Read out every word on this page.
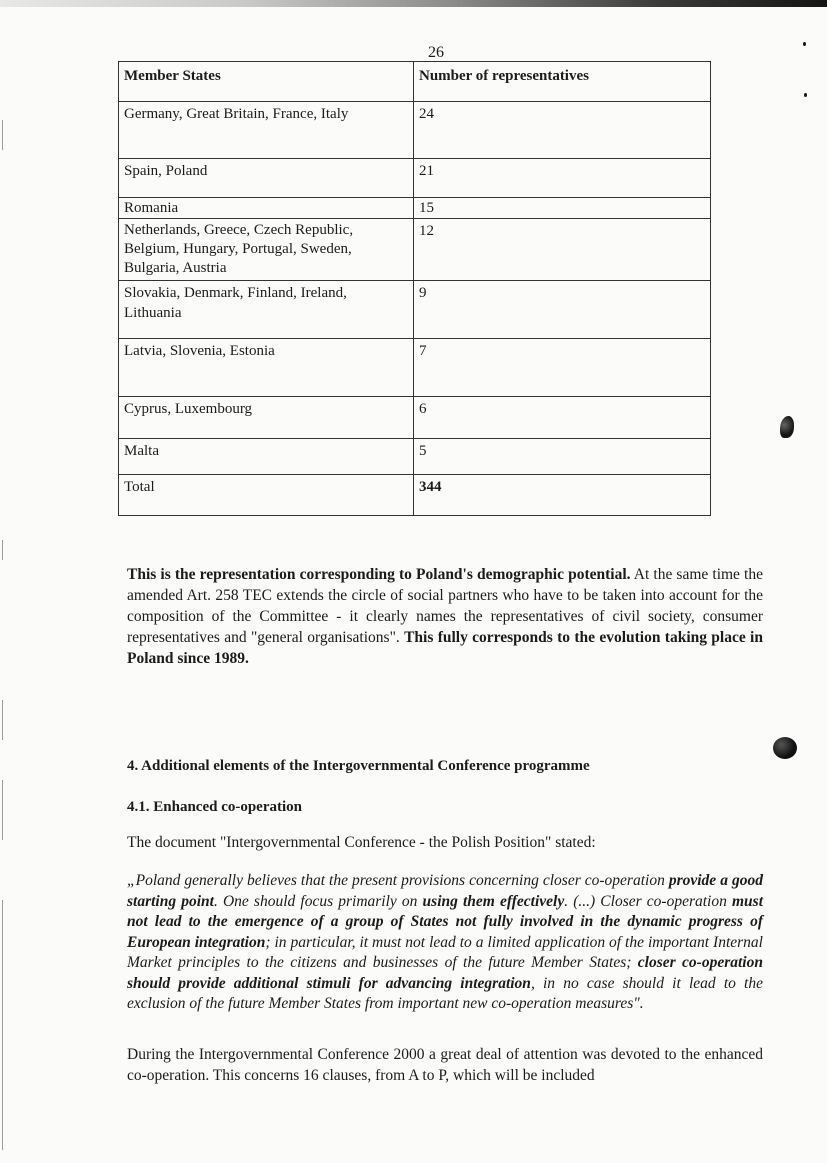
26
Member States	Number of representatives
Germany, Great Britain, France, Italy	24
Spain, Poland	21
Romania	15
Netherlands, Greece, Czech Republic, Belgium, Hungary, Portugal, Sweden, Bulgaria, Austria	12
Slovakia, Denmark, Finland, Ireland, Lithuania	9
Latvia, Slovenia, Estonia	7
Cyprus, Luxembourg	6
Malta	5
Total	344
This is the representation corresponding to Poland's demographic potential. At the same time the amended Art. 258 TEC extends the circle of social partners who have to be taken into account for the composition of the Committee - it clearly names the representatives of civil society, consumer representatives and "general organisations". This fully corresponds to the evolution taking place in Poland since 1989.
4. Additional elements of the Intergovernmental Conference programme
4.1. Enhanced co-operation
The document "Intergovernmental Conference - the Polish Position" stated:
„Poland generally believes that the present provisions concerning closer co-operation provide a good starting point. One should focus primarily on using them effectively. (...) Closer co-operation must not lead to the emergence of a group of States not fully involved in the dynamic progress of European integration; in particular, it must not lead to a limited application of the important Internal Market principles to the citizens and businesses of the future Member States; closer co-operation should provide additional stimuli for advancing integration, in no case should it lead to the exclusion of the future Member States from important new co-operation measures".
During the Intergovernmental Conference 2000 a great deal of attention was devoted to the enhanced co-operation. This concerns 16 clauses, from A to P, which will be included
